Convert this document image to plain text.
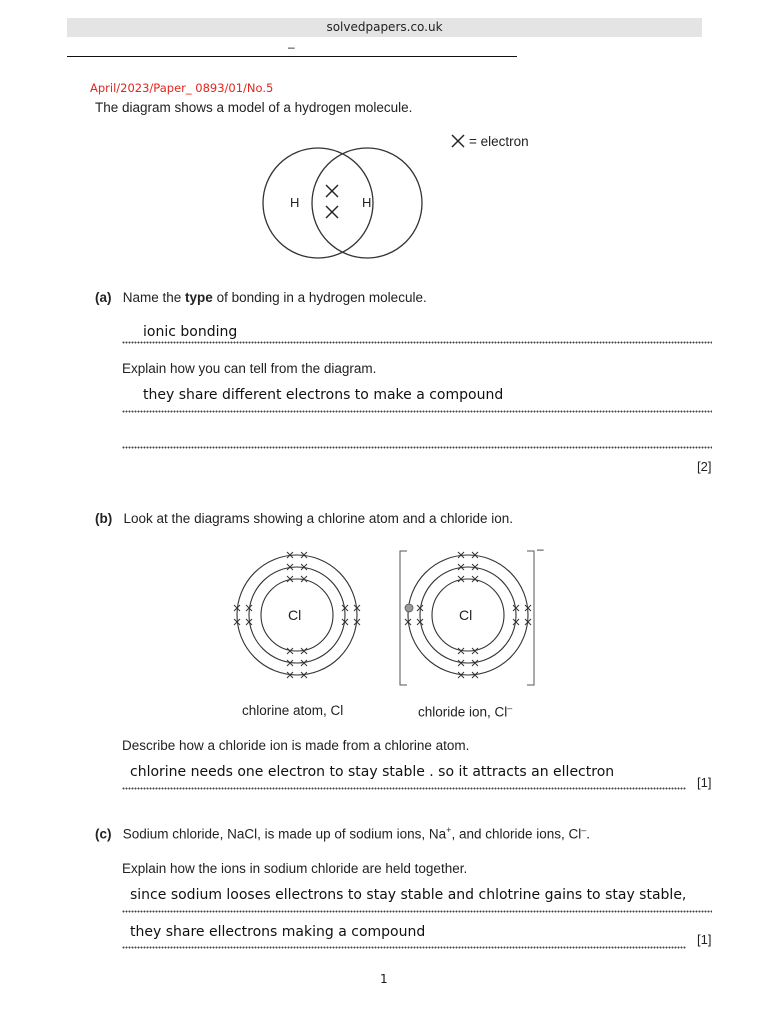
solvedpapers.co.uk
–
April/2023/Paper_ 0893/01/No.5
The diagram shows a model of a hydrogen molecule.
H	H
= electron
(a) Name the type of bonding in a hydrogen molecule.
ionic bonding
Explain how you can tell from the diagram.
they share different electrons to make a compound
[2]
(b) Look at the diagrams showing a chlorine atom and a chloride ion.
Cl
–
Cl
chlorine atom, Cl	chloride ion, Cl–
Describe how a chloride ion is made from a chlorine atom.
chlorine needs one electron to stay stable . so it attracts an ellectron
[1]
(c) Sodium chloride, NaCl, is made up of sodium ions, Na+, and chloride ions, Cl–.
Explain how the ions in sodium chloride are held together.
since sodium looses ellectrons to stay stable and chlotrine gains to stay stable,
they share ellectrons making a compound	[1]
1
